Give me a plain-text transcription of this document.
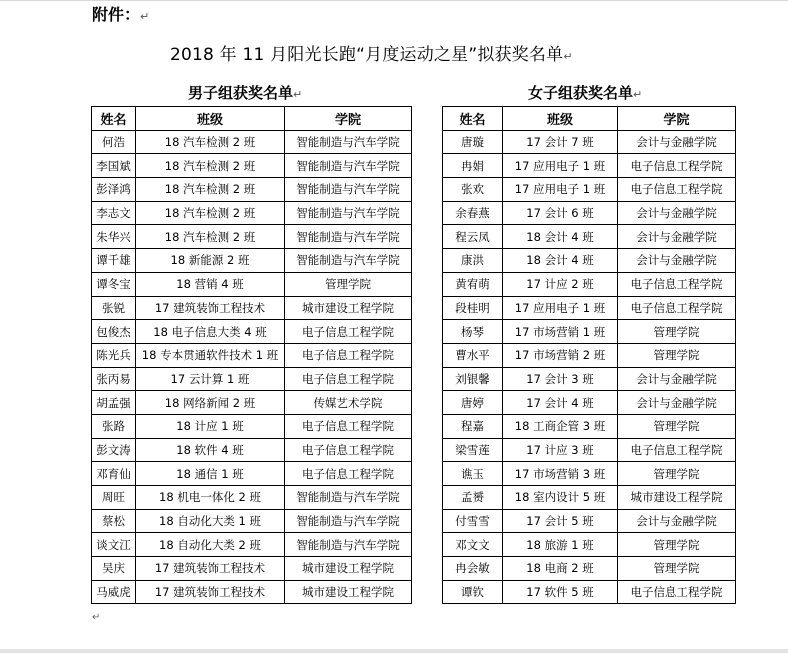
附件：↵
2018 年 11 月阳光长跑“月度运动之星”拟获奖名单↵
男子组获奖名单↵	女子组获奖名单↵
姓名	班级	学院
何浩	18 汽车检测 2 班	智能制造与汽车学院
李国斌	18 汽车检测 2 班	智能制造与汽车学院
彭泽鸿	18 汽车检测 2 班	智能制造与汽车学院
李志文	18 汽车检测 2 班	智能制造与汽车学院
朱华兴	18 汽车检测 2 班	智能制造与汽车学院
谭千雄	18 新能源 2 班	智能制造与汽车学院
谭冬宝	18 营销 4 班	管理学院
张锐	17 建筑装饰工程技术	城市建设工程学院
包俊杰	18 电子信息大类 4 班	电子信息工程学院
陈光兵	18 专本贯通软件技术 1 班	电子信息工程学院
张丙易	17 云计算 1 班	电子信息工程学院
胡孟强	18 网络新闻 2 班	传媒艺术学院
张路	18 计应 1 班	电子信息工程学院
彭文涛	18 软件 4 班	电子信息工程学院
邓育仙	18 通信 1 班	电子信息工程学院
周旺	18 机电一体化 2 班	智能制造与汽车学院
蔡松	18 自动化大类 1 班	智能制造与汽车学院
谈文江	18 自动化大类 2 班	智能制造与汽车学院
吴庆	17 建筑装饰工程技术	城市建设工程学院
马威虎	17 建筑装饰工程技术	城市建设工程学院
姓名	班级	学院
唐璇	17 会计 7 班	会计与金融学院
冉娟	17 应用电子 1 班	电子信息工程学院
张欢	17 应用电子 1 班	电子信息工程学院
余春燕	17 会计 6 班	会计与金融学院
程云凤	18 会计 4 班	会计与金融学院
康洪	18 会计 4 班	会计与金融学院
黄宥萌	17 计应 2 班	电子信息工程学院
段桂明	17 应用电子 1 班	电子信息工程学院
杨琴	17 市场营销 1 班	管理学院
曹水平	17 市场营销 2 班	管理学院
刘银馨	17 会计 3 班	会计与金融学院
唐婷	17 会计 4 班	会计与金融学院
程嘉	18 工商企管 3 班	管理学院
梁雪莲	17 计应 3 班	电子信息工程学院
谯玉	17 市场营销 3 班	管理学院
孟赟	18 室内设计 5 班	城市建设工程学院
付雪雪	17 会计 5 班	会计与金融学院
邓文文	18 旅游 1 班	管理学院
冉会敏	18 电商 2 班	管理学院
谭钦	17 软件 5 班	电子信息工程学院
↵
